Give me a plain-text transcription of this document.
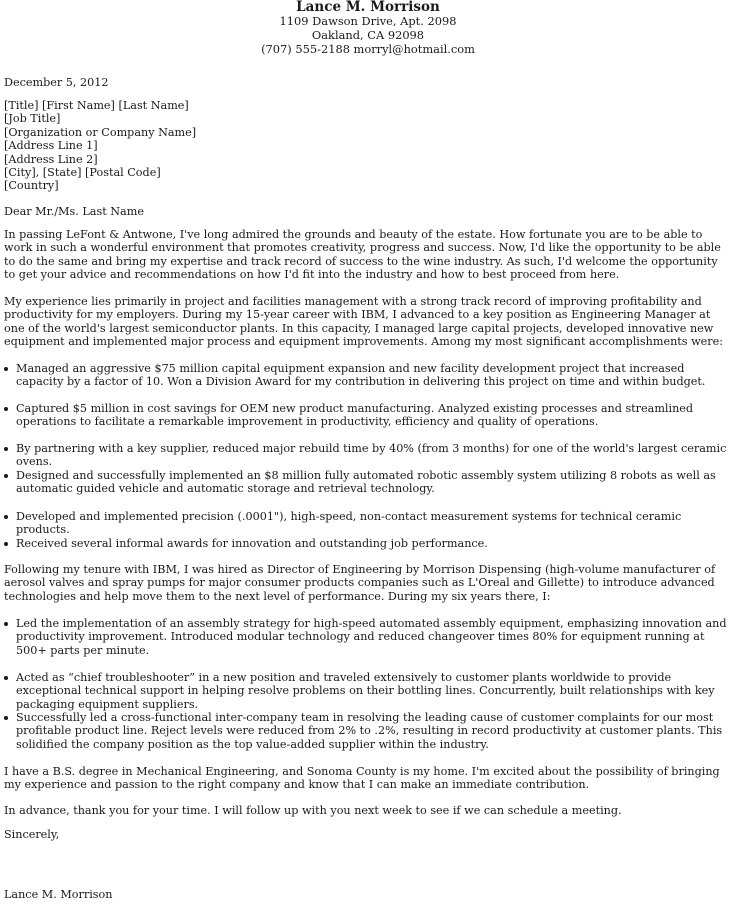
Lance M. Morrison
1109 Dawson Drive, Apt. 2098
Oakland, CA 92098
(707) 555-2188 morryl@hotmail.com
December 5, 2012
[Title] [First Name] [Last Name]
[Job Title]
[Organization or Company Name]
[Address Line 1]
[Address Line 2]
[City], [State] [Postal Code]
[Country]
Dear Mr./Ms. Last Name

In passing LeFont & Antwone, I've long admired the grounds and beauty of the estate. How fortunate you are to be able to work in such a wonderful environment that promotes creativity, progress and success. Now, I'd like the opportunity to be able to do the same and bring my expertise and track record of success to the wine industry. As such, I'd welcome the opportunity to get your advice and recommendations on how I'd fit into the industry and how to best proceed from here.

My experience lies primarily in project and facilities management with a strong track record of improving profitability and productivity for my employers. During my 15-year career with IBM, I advanced to a key position as Engineering Manager at one of the world's largest semiconductor plants. In this capacity, I managed large capital projects, developed innovative new equipment and implemented major process and equipment improvements. Among my most significant accomplishments were:

Managed an aggressive $75 million capital equipment expansion and new facility development project that increased capacity by a factor of 10. Won a Division Award for my contribution in delivering this project on time and within budget.
Captured $5 million in cost savings for OEM new product manufacturing. Analyzed existing processes and streamlined operations to facilitate a remarkable improvement in productivity, efficiency and quality of operations.
By partnering with a key supplier, reduced major rebuild time by 40% (from 3 months) for one of the world's largest ceramic ovens.
Designed and successfully implemented an $8 million fully automated robotic assembly system utilizing 8 robots as well as automatic guided vehicle and automatic storage and retrieval technology.
Developed and implemented precision (.0001"), high-speed, non-contact measurement systems for technical ceramic products.
Received several informal awards for innovation and outstanding job performance.

Following my tenure with IBM, I was hired as Director of Engineering by Morrison Dispensing (high-volume manufacturer of aerosol valves and spray pumps for major consumer products companies such as L'Oreal and Gillette) to introduce advanced technologies and help move them to the next level of performance. During my six years there, I:

Led the implementation of an assembly strategy for high-speed automated assembly equipment, emphasizing innovation and productivity improvement. Introduced modular technology and reduced changeover times 80% for equipment running at 500+ parts per minute.
Acted as “chief troubleshooter” in a new position and traveled extensively to customer plants worldwide to provide exceptional technical support in helping resolve problems on their bottling lines. Concurrently, built relationships with key packaging equipment suppliers.
Successfully led a cross-functional inter-company team in resolving the leading cause of customer complaints for our most profitable product line. Reject levels were reduced from 2% to .2%, resulting in record productivity at customer plants. This solidified the company position as the top value-added supplier within the industry.

I have a B.S. degree in Mechanical Engineering, and Sonoma County is my home. I'm excited about the possibility of bringing my experience and passion to the right company and know that I can make an immediate contribution.

In advance, thank you for your time. I will follow up with you next week to see if we can schedule a meeting.

Sincerely,
Lance M. Morrison
